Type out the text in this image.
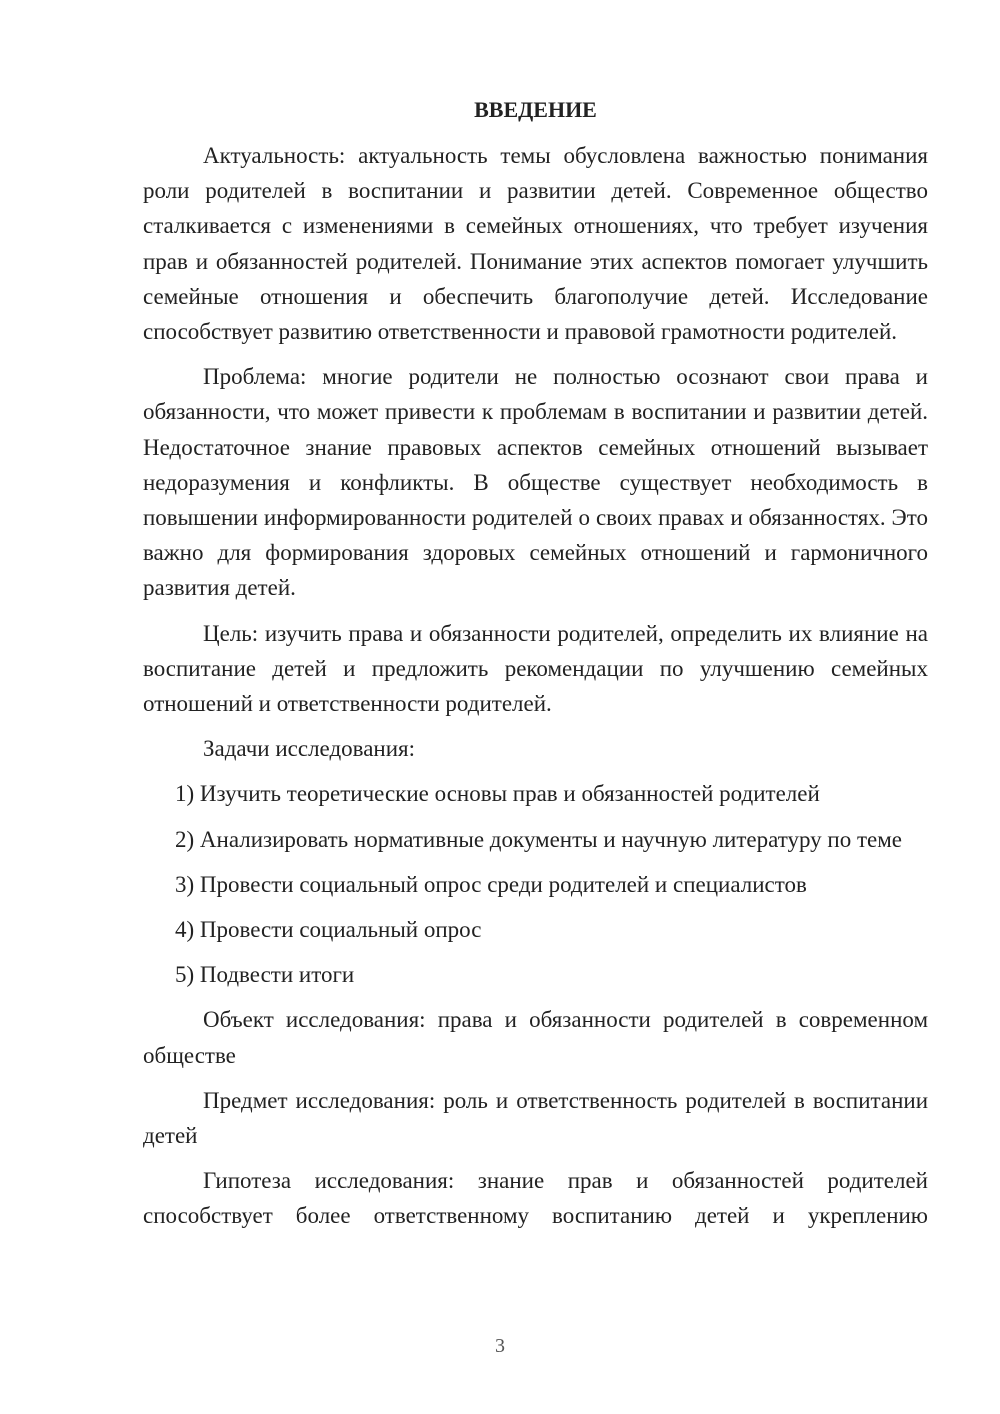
ВВЕДЕНИЕ

Актуальность: актуальность темы обусловлена важностью понимания роли родителей в воспитании и развитии детей. Современное общество сталкивается с изменениями в семейных отношениях, что требует изучения прав и обязанностей родителей. Понимание этих аспектов помогает улучшить семейные отношения и обеспечить благополучие детей. Исследование способствует развитию ответственности и правовой грамотности родителей.

Проблема: многие родители не полностью осознают свои права и обязанности, что может привести к проблемам в воспитании и развитии детей. Недостаточное знание правовых аспектов семейных отношений вызывает недоразумения и конфликты. В обществе существует необходимость в повышении информированности родителей о своих правах и обязанностях. Это важно для формирования здоровых семейных отношений и гармоничного развития детей.

Цель: изучить права и обязанности родителей, определить их влияние на воспитание детей и предложить рекомендации по улучшению семейных отношений и ответственности родителей.

Задачи исследования:

1) Изучить теоретические основы прав и обязанностей родителей

2) Анализировать нормативные документы и научную литературу по теме

3) Провести социальный опрос среди родителей и специалистов

4) Провести социальный опрос

5) Подвести итоги

Объект исследования: права и обязанности родителей в современном обществе

Предмет исследования: роль и ответственность родителей в воспитании детей

Гипотеза исследования: знание прав и обязанностей родителей способствует более ответственному воспитанию детей и укреплению

3
